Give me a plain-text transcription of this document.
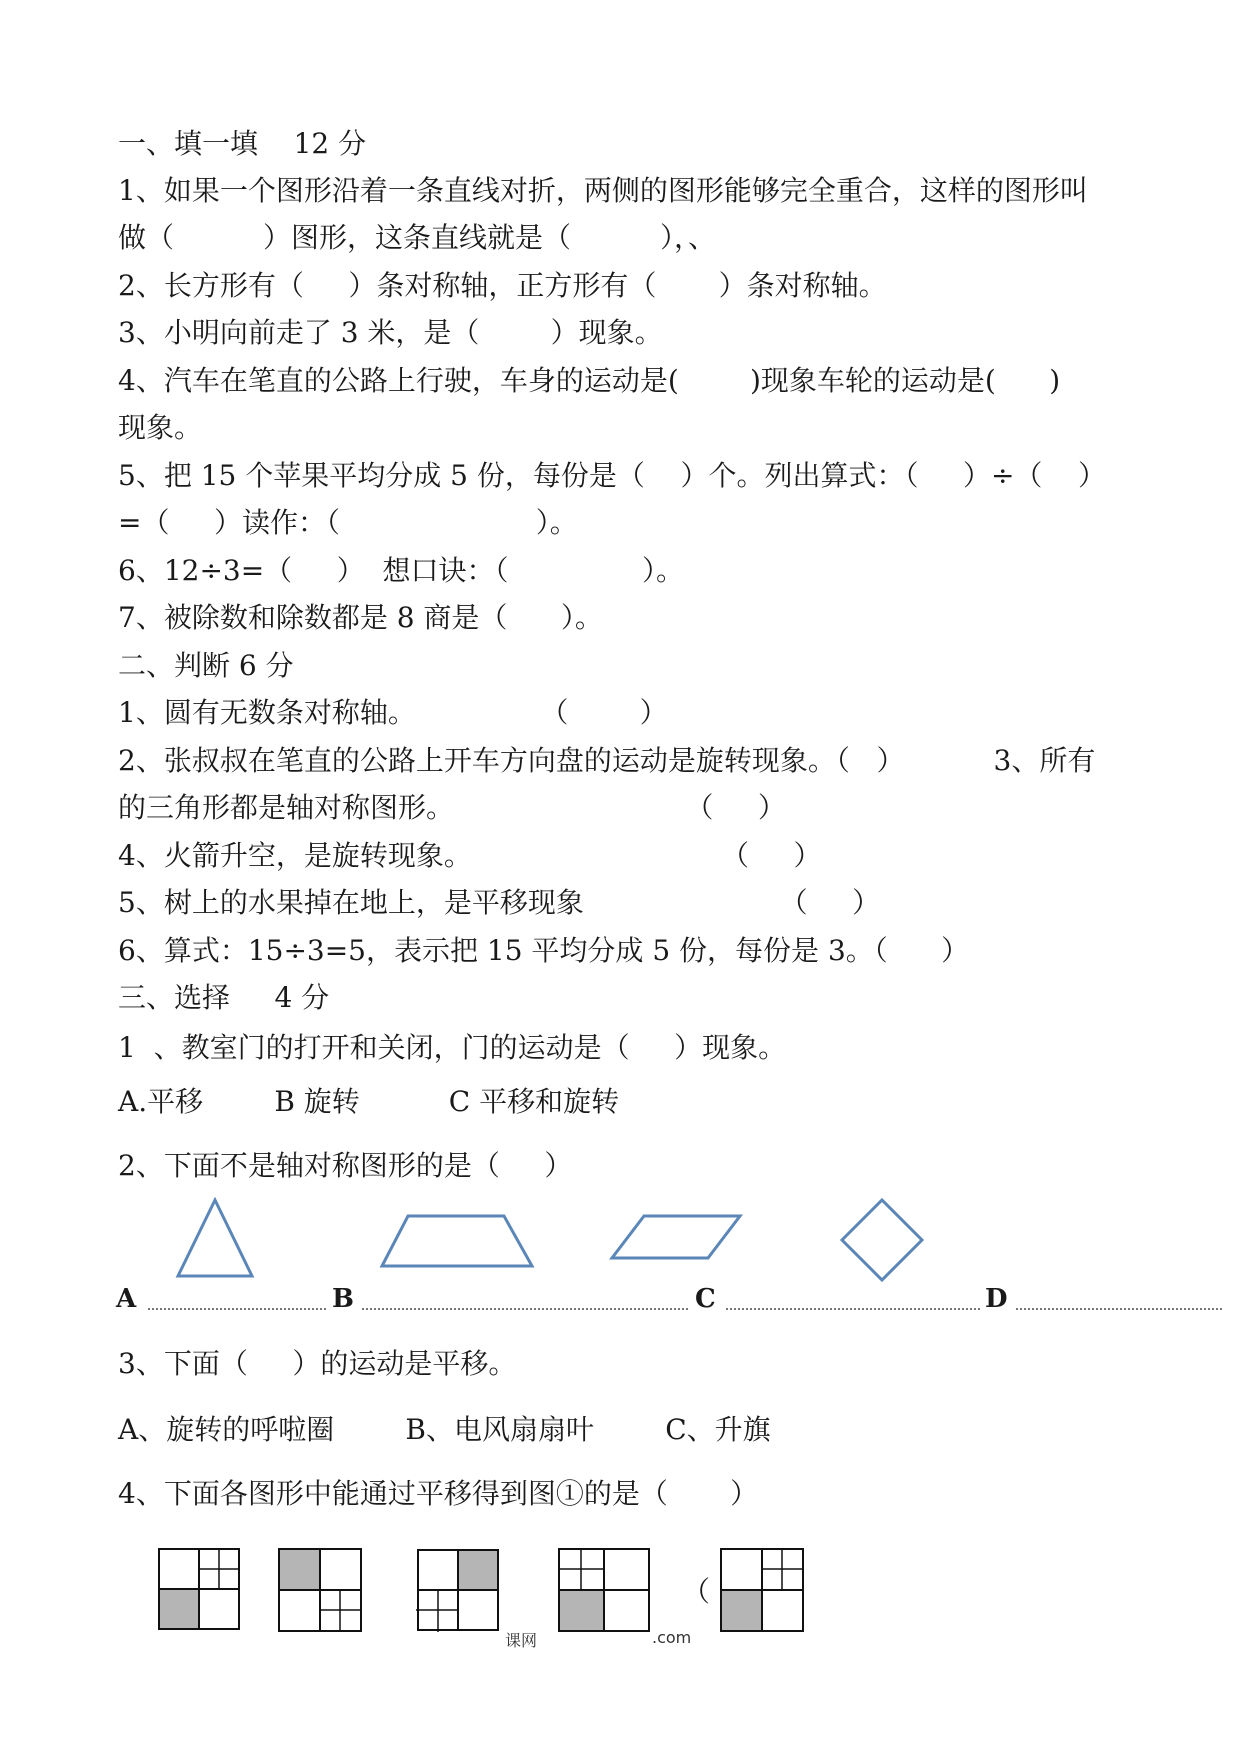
一、填一填    12 分
1、如果一个图形沿着一条直线对折，两侧的图形能够完全重合，这样的图形叫
做（          ）图形，这条直线就是（          ），、
2、长方形有（     ）条对称轴，正方形有（       ）条对称轴。
3、小明向前走了 3 米，是（        ）现象。
4、汽车在笔直的公路上行驶，车身的运动是(        )现象车轮的运动是(      )
现象。
5、把 15 个苹果平均分成 5 份，每份是（    ）个。列出算式：（     ）÷（    ）
=（     ）读作：（                      ）。
6、12÷3=（     ）  想口诀：（               ）。
7、被除数和除数都是 8 商是（      ）。
二、判断 6 分
1、圆有无数条对称轴。              （        ）
2、张叔叔在笔直的公路上开车方向盘的运动是旋转现象。（   ）          3、所有
的三角形都是轴对称图形。                          （     ）
4、火箭升空，是旋转现象。                            （     ）
5、树上的水果掉在地上，是平移现象                      （     ）
6、算式：15÷3=5，表示把 15 平均分成 5 份，每份是 3。（      ）
三、选择     4 分
1  、教室门的打开和关闭，门的运动是（     ）现象。
A.平移        B 旋转          C 平移和旋转
2、下面不是轴对称图形的是（     ）
A	B	C	D
3、下面（     ）的运动是平移。
A、旋转的呼啦圈        B、电风扇扇叶        C、升旗
4、下面各图形中能通过平移得到图①的是（       ）
（
课网	.com
